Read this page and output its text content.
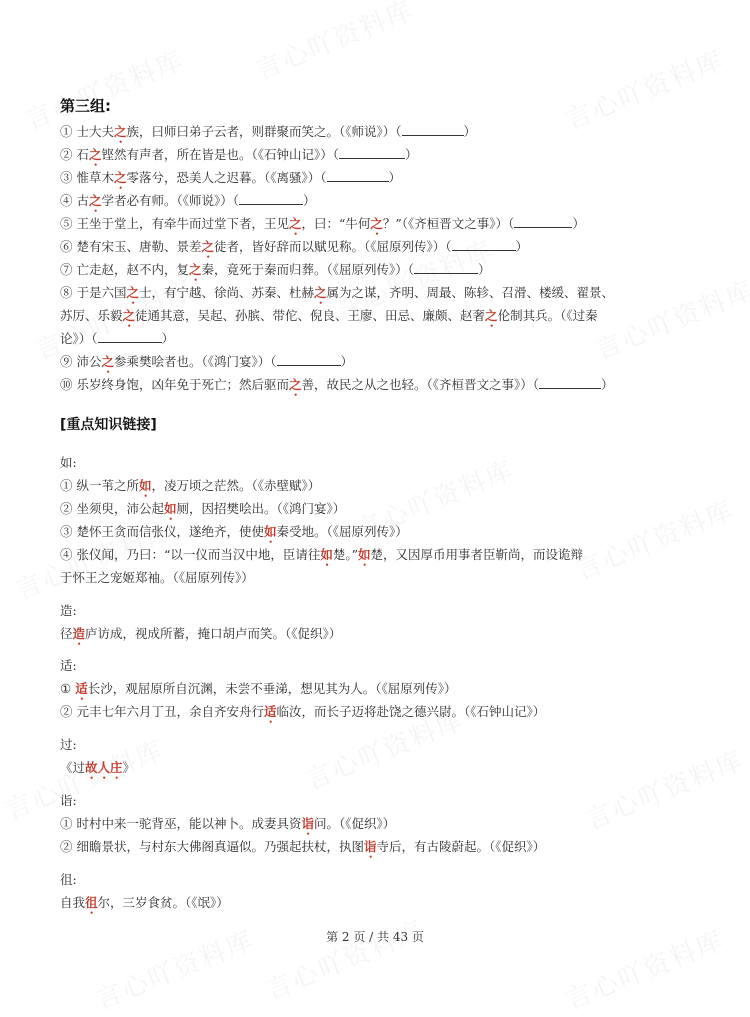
第三组:
① 士大夫之族，曰师曰弟子云者，则群聚而笑之。（《师说》）（	）
② 石之铿然有声者，所在皆是也。（《石钟山记》）（	）
③ 惟草木之零落兮，恐美人之迟暮。（《离骚》）（	）
④ 古之学者必有师。（《师说》）（	）
⑤ 王坐于堂上，有牵牛而过堂下者，王见之，曰：“牛何之？”（《齐桓晋文之事》）（	）
⑥ 楚有宋玉、唐勒、景差之徒者，皆好辞而以赋见称。（《屈原列传》）（	）
⑦ 亡走赵，赵不内，复之秦，竟死于秦而归葬。（《屈原列传》）（	）
⑧ 于是六国之士，有宁越、徐尚、苏秦、杜赫之属为之谋，齐明、周最、陈轸、召滑、楼缓、翟景、
苏厉、乐毅之徒通其意，吴起、孙膑、带佗、倪良、王廖、田忌、廉颇、赵奢之伦制其兵。（《过秦
论》）（	）
⑨ 沛公之参乘樊哙者也。（《鸿门宴》）（	）
⑩ 乐岁终身饱，凶年免于死亡；然后驱而之善，故民之从之也轻。（《齐桓晋文之事》）（	）
[重点知识链接]
如:
① 纵一苇之所如，凌万顷之茫然。（《赤壁赋》）
② 坐须臾，沛公起如厕，因招樊哙出。（《鸿门宴》）
③ 楚怀王贪而信张仪，遂绝齐，使使如秦受地。（《屈原列传》）
④ 张仪闻，乃曰：“以一仪而当汉中地，臣请往如楚。”如楚，又因厚币用事者臣靳尚，而设诡辩
于怀王之宠姬郑袖。（《屈原列传》）
造:
径造庐访成，视成所蓄，掩口胡卢而笑。（《促织》）
适:
① 适长沙，观屈原所自沉渊，未尝不垂涕，想见其为人。（《屈原列传》）
② 元丰七年六月丁丑，余自齐安舟行适临汝，而长子迈将赴饶之德兴尉。（《石钟山记》）
过:
《过故人庄》
诣:
① 时村中来一驼背巫，能以神卜。成妻具资诣问。（《促织》）
② 细瞻景状，与村东大佛阁真逼似。乃强起扶杖，执图诣寺后，有古陵蔚起。（《促织》）
徂:
自我徂尔，三岁食贫。（《氓》）
第 2 页 / 共 43 页
